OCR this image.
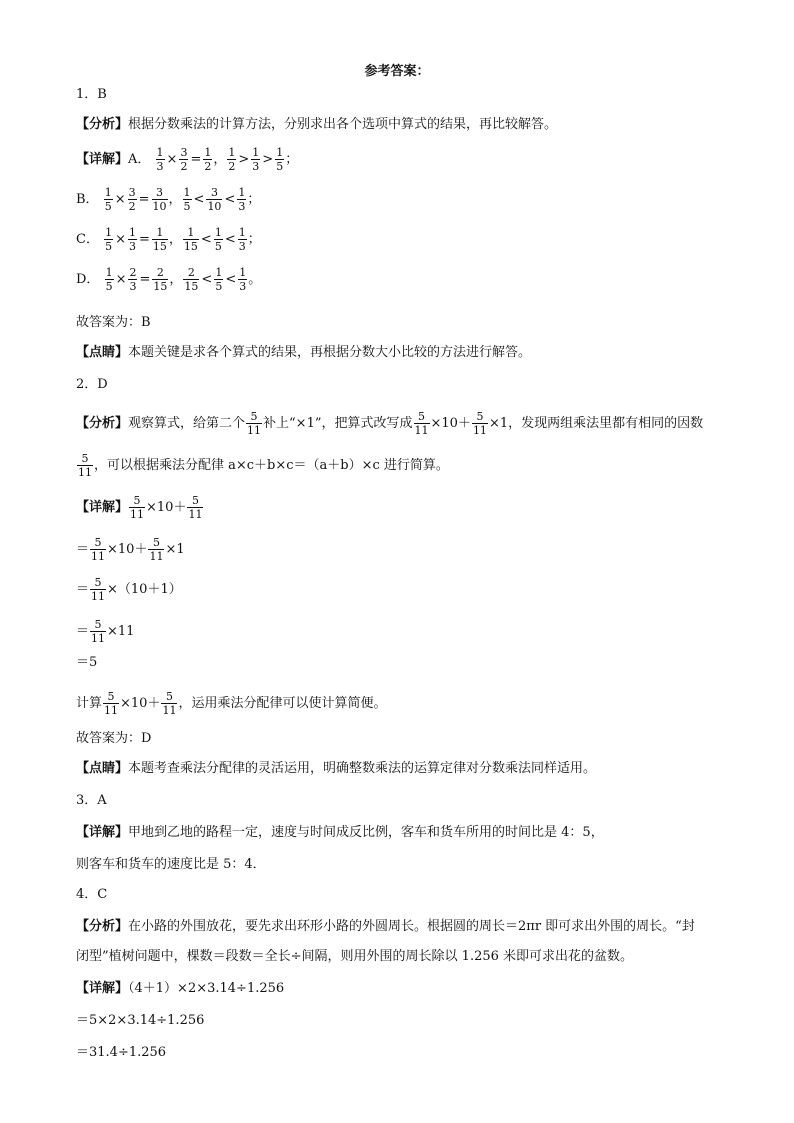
参考答案：
1．B
【分析】根据分数乘法的计算方法，分别求出各个选项中算式的结果，再比较解答。
【详解】A． $\frac{1}{3} \times \frac{3}{2} = \frac{1}{2}$ ， $\frac{1}{2} > \frac{1}{3} > \frac{1}{5}$ ；
B． $\frac{1}{5} \times \frac{3}{2} = \frac{3}{10}$ ， $\frac{1}{5} < \frac{3}{10} < \frac{1}{3}$ ；
C． $\frac{1}{5} \times \frac{1}{3} = \frac{1}{15}$ ， $\frac{1}{15} < \frac{1}{5} < \frac{1}{3}$ ；
D． $\frac{1}{5} \times \frac{2}{3} = \frac{2}{15}$ ， $\frac{2}{15} < \frac{1}{5} < \frac{1}{3}$ 。
故答案为：B
【点睛】本题关键是求各个算式的结果，再根据分数大小比较的方法进行解答。
2．D
【分析】观察算式，给第二个 $\frac{5}{11}$ 补上“×1”，把算式改写成 $\frac{5}{11} \times 10+ \frac{5}{11} \times 1$，发现两组乘法里都有相同的因数
$\frac{5}{11}$ ，可以根据乘法分配律 a×c＋b×c＝（a＋b）×c 进行简算。
【详解】 $\frac{5}{11} \times 10+ \frac{5}{11}$
＝ $\frac{5}{11} \times 10+ \frac{5}{11} \times 1$
＝ $\frac{5}{11} \times(10+1)$
＝ $\frac{5}{11} \times 11$
＝5
计算 $\frac{5}{11} \times 10+ \frac{5}{11}$ ，运用乘法分配律可以使计算简便。
故答案为：D
【点睛】本题考查乘法分配律的灵活运用，明确整数乘法的运算定律对分数乘法同样适用。
3．A
【详解】甲地到乙地的路程一定，速度与时间成反比例，客车和货车所用的时间比是 4：5，
则客车和货车的速度比是 5：4．
4．C
【分析】在小路的外围放花，要先求出环形小路的外圆周长。根据圆的周长＝2πr 即可求出外围的周长。“封
闭型”植树问题中，棵数＝段数＝全长÷间隔，则用外围的周长除以 1.256 米即可求出花的盆数。
【详解】（4＋1）×2×3.14÷1.256
＝5×2×3.14÷1.256
＝31.4÷1.256
